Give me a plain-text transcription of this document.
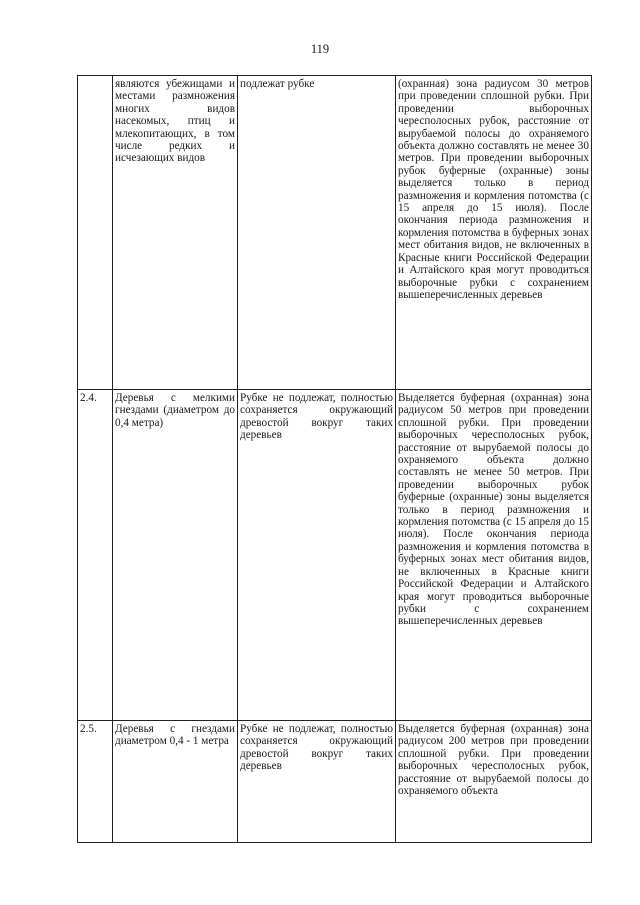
119
	являются убежищами и местами размножения многих видов насекомых, птиц и млекопитающих, в том числе редких и исчезающих видов	подлежат рубке	(охранная) зона радиусом 30 метров при проведении сплошной рубки. При проведении выборочных чересполосных рубок, расстояние от вырубаемой полосы до охраняемого объекта должно составлять не менее 30 метров. При проведении выборочных рубок буферные (охранные) зоны выделяется только в период размножения и кормления потомства (с 15 апреля до 15 июля). После окончания периода размножения и кормления потомства в буферных зонах мест обитания видов, не включенных в Красные книги Российской Федерации и Алтайского края могут проводиться выборочные рубки с сохранением вышеперечисленных деревьев
2.4.	Деревья с мелкими гнездами (диаметром до 0,4 метра)	Рубке не подлежат, полностью сохраняется окружающий древостой вокруг таких деревьев	Выделяется буферная (охранная) зона радиусом 50 метров при проведении сплошной рубки. При проведении выборочных чересполосных рубок, расстояние от вырубаемой полосы до охраняемого объекта должно составлять не менее 50 метров. При проведении выборочных рубок буферные (охранные) зоны выделяется только в период размножения и кормления потомства (с 15 апреля до 15 июля). После окончания периода размножения и кормления потомства в буферных зонах мест обитания видов, не включенных в Красные книги Российской Федерации и Алтайского края могут проводиться выборочные рубки с сохранением вышеперечисленных деревьев
2.5.	Деревья с гнездами диаметром 0,4 - 1 метра	Рубке не подлежат, полностью сохраняется окружающий древостой вокруг таких деревьев	Выделяется буферная (охранная) зона радиусом 200 метров при проведении сплошной рубки. При проведении выборочных чересполосных рубок, расстояние от вырубаемой полосы до охраняемого объекта
